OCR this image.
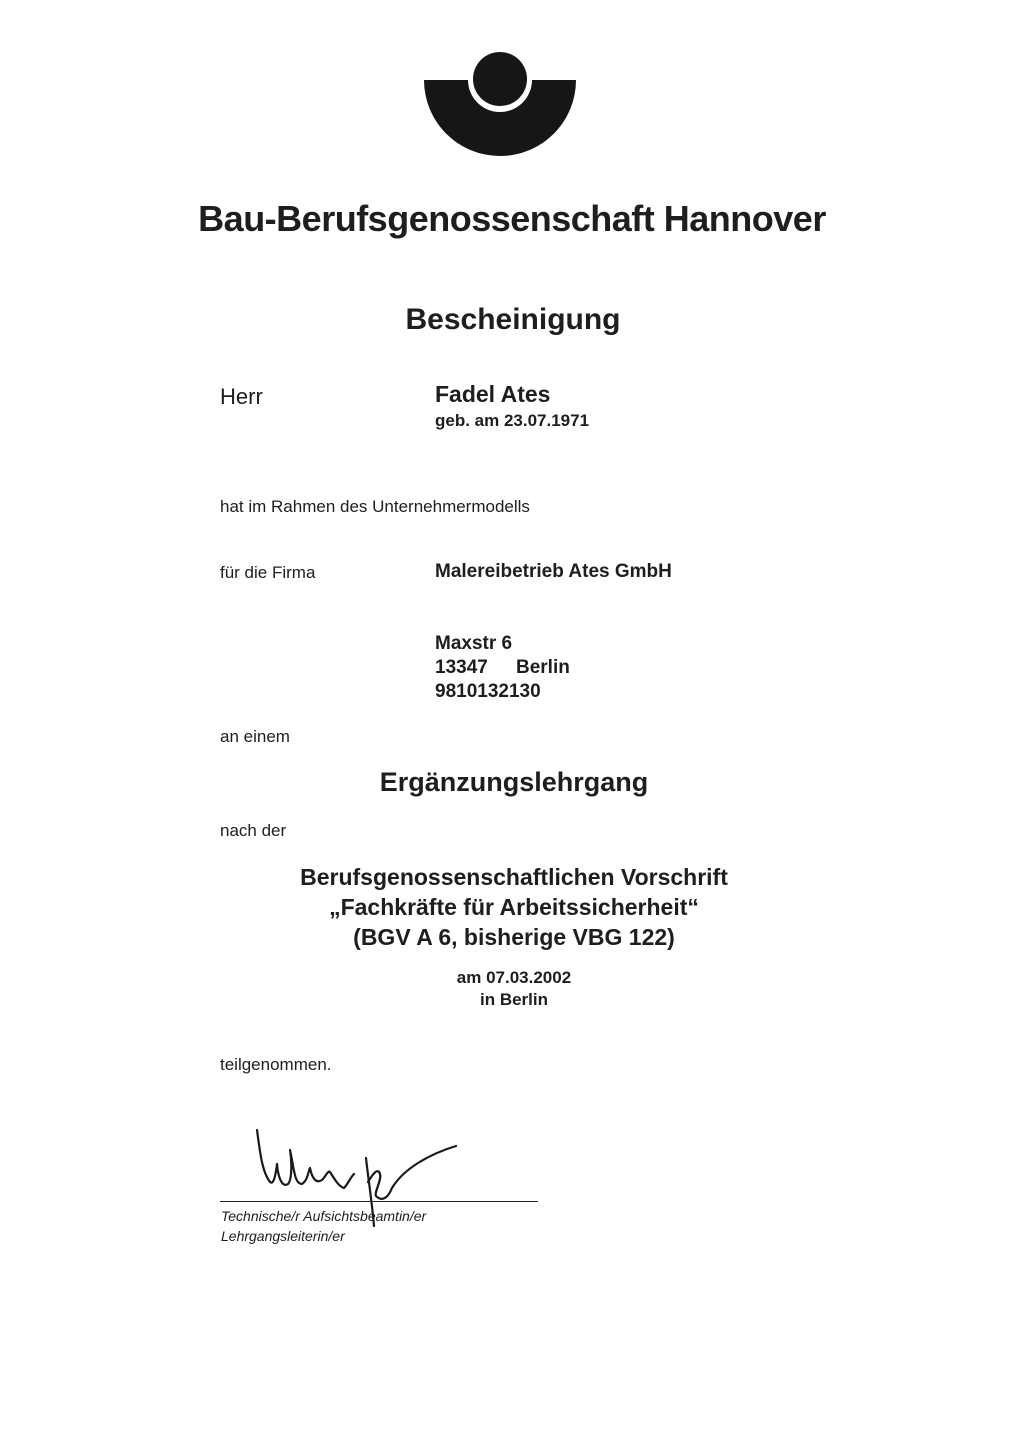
Bau-Berufsgenossenschaft Hannover
Bescheinigung
Herr	Fadel Ates
geb. am 23.07.1971
hat im Rahmen des Unternehmermodells
für die Firma	Malereibetrieb Ates GmbH
Maxstr 6
13347 Berlin
9810132130
an einem
Ergänzungslehrgang
nach der
Berufsgenossenschaftlichen Vorschrift
„Fachkräfte für Arbeitssicherheit“
(BGV A 6, bisherige VBG 122)
am 07.03.2002
in Berlin
teilgenommen.
Technische/r Aufsichtsbeamtin/er
Lehrgangsleiterin/er
